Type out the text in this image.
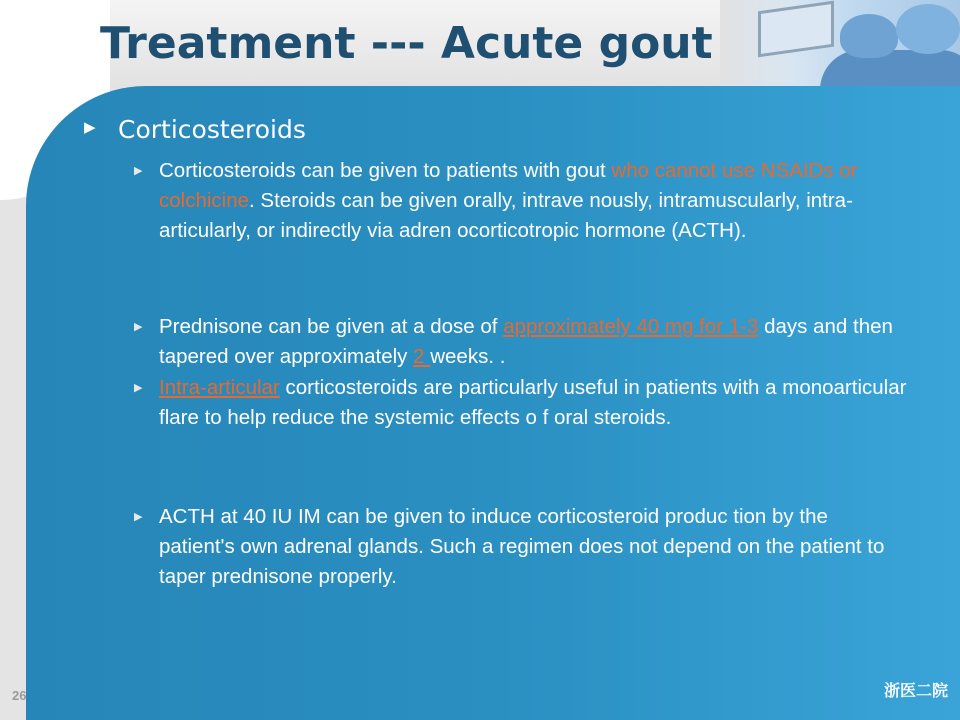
Treatment --- Acute gout
▶ Corticosteroids
▶ Corticosteroids can be given to patients with gout who cannot use NSAIDs or colchicine. Steroids can be given orally, intrave nously, intramuscularly, intra-articularly, or indirectly via adren ocorticotropic hormone (ACTH).
▶ Prednisone can be given at a dose of approximately 40 mg for 1-3 days and then tapered over approximately 2 weeks. .
▶ Intra-articular corticosteroids are particularly useful in patients with a monoarticular flare to help reduce the systemic effects o f oral steroids.
▶ ACTH at 40 IU IM can be given to induce corticosteroid produc tion by the patient's own adrenal glands. Such a regimen does not depend on the patient to taper prednisone properly.
26	浙医二院
